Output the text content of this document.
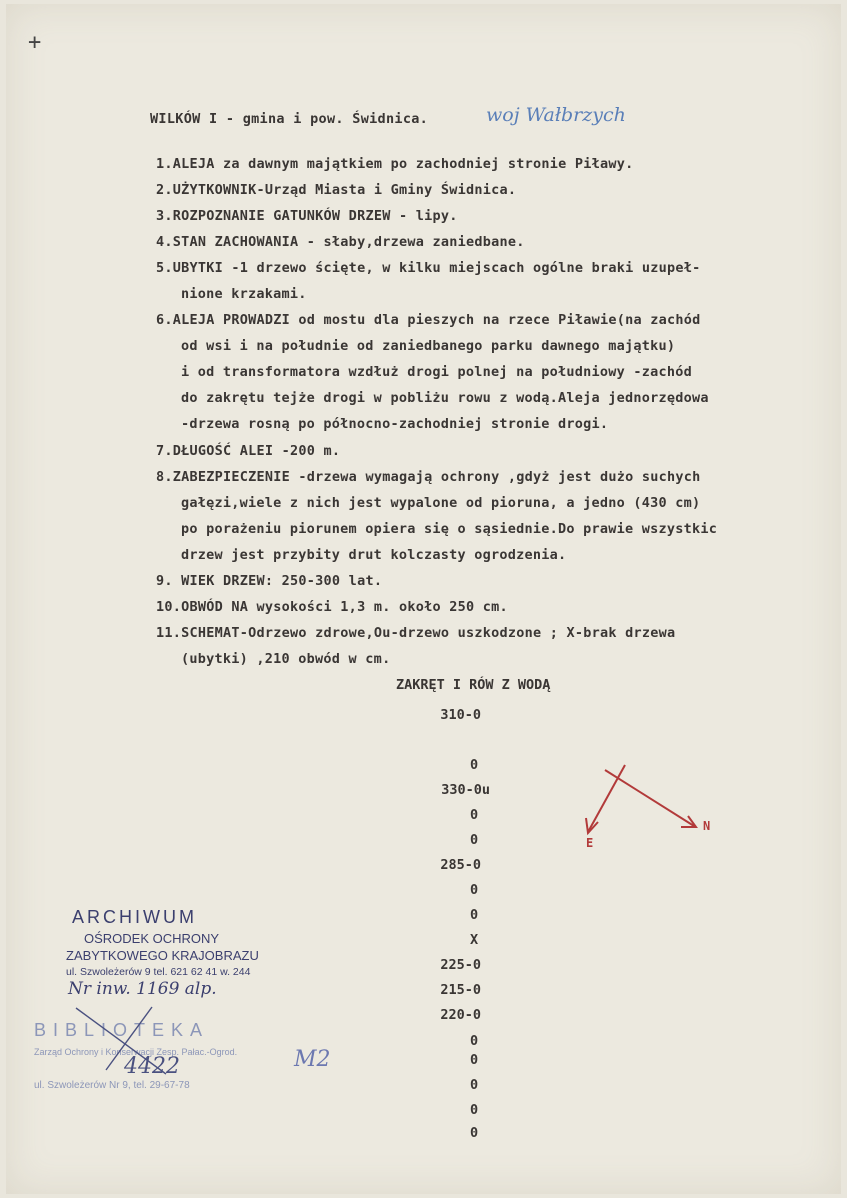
+
WILKÓW I - gmina i pow. Świdnica.	woj Wałbrzych
1.ALEJA za dawnym majątkiem po zachodniej stronie Piławy.
2.UŻYTKOWNIK-Urząd Miasta i Gminy Świdnica.
3.ROZPOZNANIE GATUNKÓW DRZEW - lipy.
4.STAN ZACHOWANIA - słaby,drzewa zaniedbane.
5.UBYTKI -1 drzewo ścięte, w kilku miejscach ogólne braki uzupeł-
nione krzakami.
6.ALEJA PROWADZI od mostu dla pieszych na rzece Piławie(na zachód
od wsi i na południe od zaniedbanego parku dawnego majątku)
i od transformatora wzdłuż drogi polnej na południowy -zachód
do zakrętu tejże drogi w pobliżu rowu z wodą.Aleja jednorzędowa
-drzewa rosną po północno-zachodniej stronie drogi.
7.DŁUGOŚĆ ALEI -200 m.
8.ZABEZPIECZENIE -drzewa wymagają ochrony ,gdyż jest dużo suchych
gałęzi,wiele z nich jest wypalone od pioruna, a jedno (430 cm)
po porażeniu piorunem opiera się o sąsiednie.Do prawie wszystkic
drzew jest przybity drut kolczasty ogrodzenia.
9. WIEK DRZEW: 250-300 lat.
10.OBWÓD NA wysokości 1,3 m. około 250 cm.
11.SCHEMAT-Odrzewo zdrowe,Ou-drzewo uszkodzone ; X-brak drzewa
(ubytki) ,210 obwód w cm.
ZAKRĘT I RÓW Z WODĄ
310-0
0
330-0u
0
0
285-0
0
0
X
225-0
215-0
220-0
0
0
0
0
0
E
N
ARCHIWUM
OŚRODEK OCHRONY
ZABYTKOWEGO KRAJOBRAZU
ul. Szwoleżerów 9 tel. 621 62 41 w. 244
Nr inw. 1169 alp.
BIBLIOTEKA
Zarząd Ochrony i Konserwacji Zesp. Pałac.-Ogrod.
4422
ul. Szwoleżerów Nr 9, tel. 29-67-78
M2
